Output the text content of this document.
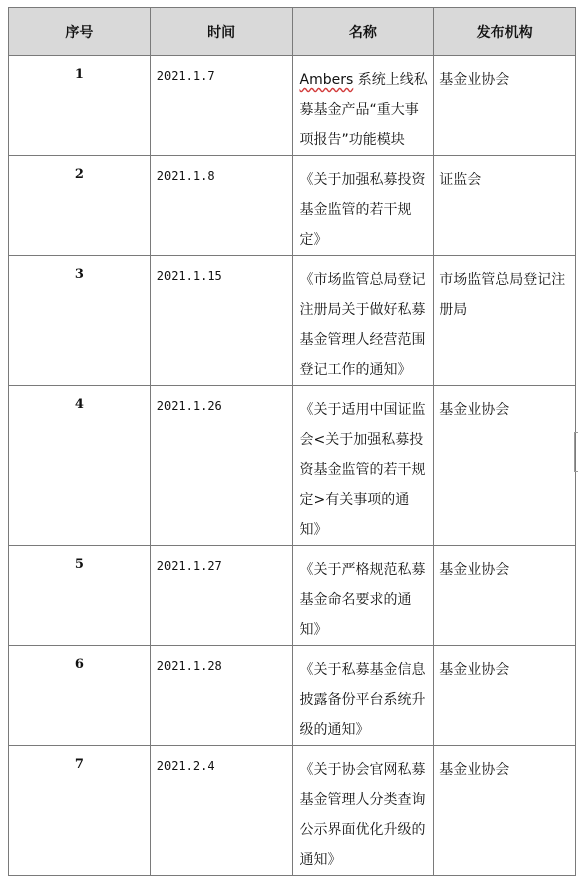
序号	时间	名称	发布机构
1	2021.1.7	Ambers 系统上线私募基金产品“重大事项报告”功能模块	基金业协会
2	2021.1.8	《关于加强私募投资基金监管的若干规定》	证监会
3	2021.1.15	《市场监管总局登记注册局关于做好私募基金管理人经营范围登记工作的通知》	市场监管总局登记注册局
4	2021.1.26	《关于适用中国证监会<关于加强私募投资基金监管的若干规定>有关事项的通知》	基金业协会
5	2021.1.27	《关于严格规范私募基金命名要求的通知》	基金业协会
6	2021.1.28	《关于私募基金信息披露备份平台系统升级的通知》	基金业协会
7	2021.2.4	《关于协会官网私募基金管理人分类查询公示界面优化升级的通知》	基金业协会
